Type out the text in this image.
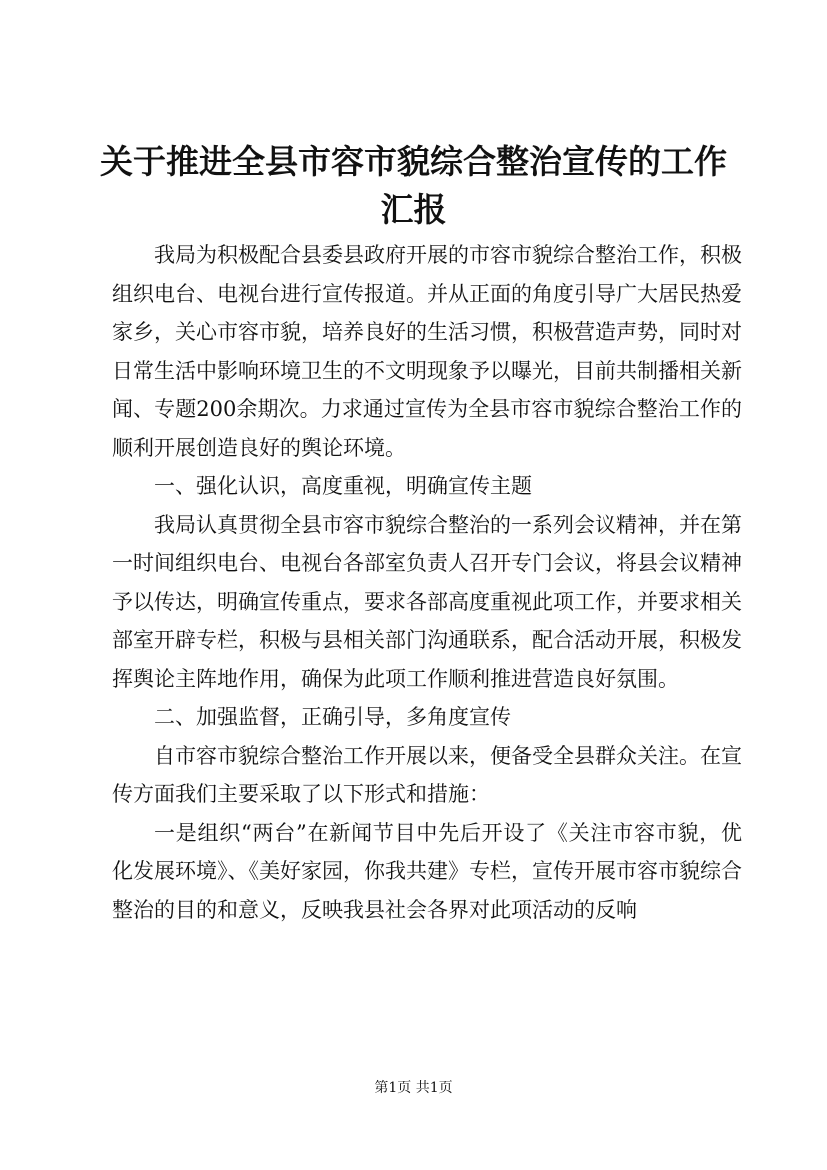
关于推进全县市容市貌综合整治宣传的工作汇报

我局为积极配合县委县政府开展的市容市貌综合整治工作，积极组织电台、电视台进行宣传报道。并从正面的角度引导广大居民热爱家乡，关心市容市貌，培养良好的生活习惯，积极营造声势，同时对日常生活中影响环境卫生的不文明现象予以曝光，目前共制播相关新闻、专题200余期次。力求通过宣传为全县市容市貌综合整治工作的顺利开展创造良好的舆论环境。

一、强化认识，高度重视，明确宣传主题

我局认真贯彻全县市容市貌综合整治的一系列会议精神，并在第一时间组织电台、电视台各部室负责人召开专门会议，将县会议精神予以传达，明确宣传重点，要求各部高度重视此项工作，并要求相关部室开辟专栏，积极与县相关部门沟通联系，配合活动开展，积极发挥舆论主阵地作用，确保为此项工作顺利推进营造良好氛围。

二、加强监督，正确引导，多角度宣传

自市容市貌综合整治工作开展以来，便备受全县群众关注。在宣传方面我们主要采取了以下形式和措施：

一是组织“两台”在新闻节目中先后开设了《关注市容市貌，优化发展环境》、《美好家园，你我共建》专栏，宣传开展市容市貌综合整治的目的和意义，反映我县社会各界对此项活动的反响

第1页 共1页
